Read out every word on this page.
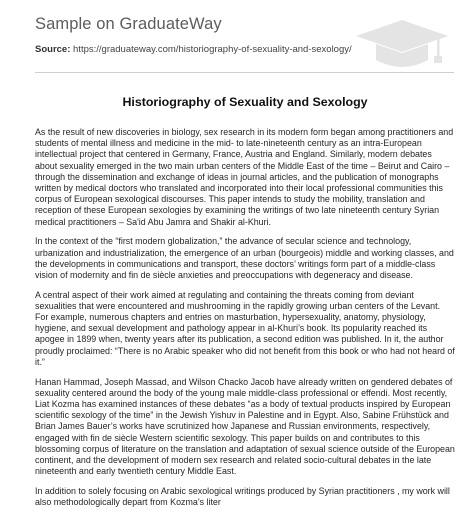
Sample on GraduateWay
Source: https://graduateway.com/historiography-of-sexuality-and-sexology/
Historiography of Sexuality and Sexology

As the result of new discoveries in biology, sex research in its modern form began among practitioners and students of mental illness and medicine in the mid- to late-nineteenth century as an intra-European intellectual project that centered in Germany, France, Austria and England. Similarly, modern debates about sexuality emerged in the two main urban centers of the Middle East of the time – Beirut and Cairo – through the dissemination and exchange of ideas in journal articles, and the publication of monographs written by medical doctors who translated and incorporated into their local professional communities this corpus of European sexological discourses. This paper intends to study the mobility, translation and reception of these European sexologies by examining the writings of two late nineteenth century Syrian medical practitioners – Sa'id Abu Jamra and Shakir al-Khuri.

In the context of the “first modern globalization,” the advance of secular science and technology, urbanization and industrialization, the emergence of an urban (bourgeois) middle and working classes, and the developments in communications and transport, these doctors’ writings form part of a middle-class vision of modernity and fin de siècle anxieties and preoccupations with degeneracy and disease.

A central aspect of their work aimed at regulating and containing the threats coming from deviant sexualities that were encountered and mushrooming in the rapidly growing urban centers of the Levant. For example, numerous chapters and entries on masturbation, hypersexuality, anatomy, physiology, hygiene, and sexual development and pathology appear in al-Khuri’s book. Its popularity reached its apogee in 1899 when, twenty years after its publication, a second edition was published. In it, the author proudly proclaimed: “There is no Arabic speaker who did not benefit from this book or who had not heard of it.”

Hanan Hammad, Joseph Massad, and Wilson Chacko Jacob have already written on gendered debates of sexuality centered around the body of the young male middle-class professional or effendi. Most recently, Liat Kozma has examined instances of these debates “as a body of textual products inspired by European scientific sexology of the time” in the Jewish Yishuv in Palestine and in Egypt. Also, Sabine Frühstück and Brian James Bauer’s works have scrutinized how Japanese and Russian environments, respectively, engaged with fin de siècle Western scientific sexology. This paper builds on and contributes to this blossoming corpus of literature on the translation and adaptation of sexual science outside of the European continent, and the development of modern sex research and related socio-cultural debates in the late nineteenth and early twentieth century Middle East.

In addition to solely focusing on Arabic sexological writings produced by Syrian practitioners , my work will also methodologically depart from Kozma’s liter
